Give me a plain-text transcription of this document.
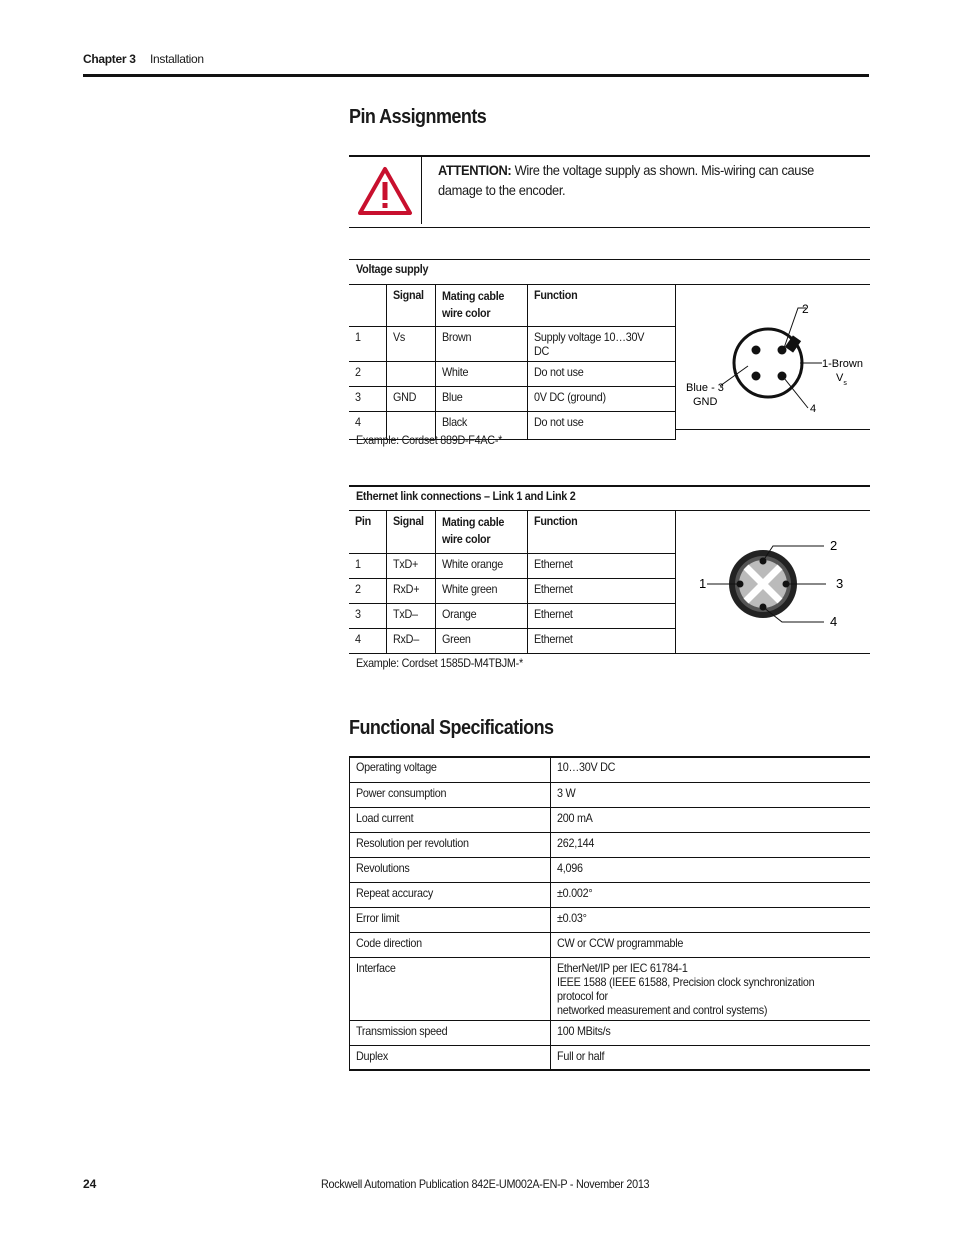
Chapter 3 Installation
Pin Assignments
ATTENTION: Wire the voltage supply as shown. Mis-wiring can cause damage to the encoder.
Voltage supply
	Signal	Mating cable wire color	Function
1	Vs	Brown	Supply voltage 10…30V DC
2		White	Do not use
3	GND	Blue	0V DC (ground)
4		Black	Do not use
2
1-Brown
$V_s$
Blue - 3
GND
4
Example: Cordset 889D-F4AC-*
Ethernet link connections – Link 1 and Link 2
Pin	Signal	Mating cable wire color	Function
1	TxD+	White orange	Ethernet
2	RxD+	White green	Ethernet
3	TxD–	Orange	Ethernet
4	RxD–	Green	Ethernet
1
2
3
4
Example: Cordset 1585D-M4TBJM-*
Functional Specifications
Operating voltage	10…30V DC
Power consumption	3 W
Load current	200 mA
Resolution per revolution	262,144
Revolutions	4,096
Repeat accuracy	±0.002°
Error limit	±0.03°
Code direction	CW or CCW programmable
Interface	EtherNet/IP per IEC 61784-1
IEEE 1588 (IEEE 61588, Precision clock synchronization protocol for
networked measurement and control systems)
Transmission speed	100 MBits/s
Duplex	Full or half
24	Rockwell Automation Publication 842E-UM002A-EN-P - November 2013
